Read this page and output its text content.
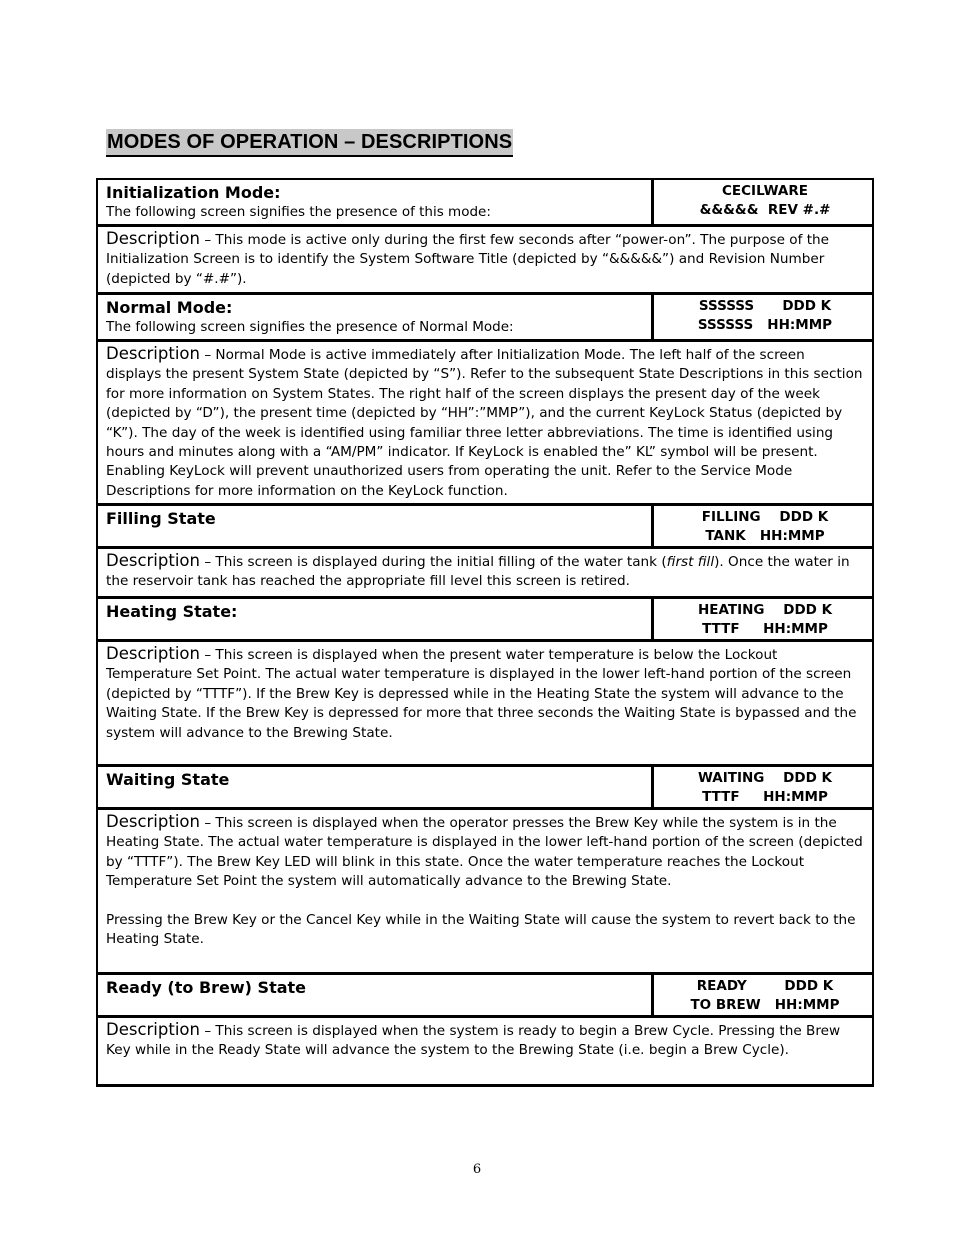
MODES OF OPERATION – DESCRIPTIONS
Initialization Mode:
The following screen signifies the presence of this mode:
CECILWARE
&&&&&  REV #.#

Description – This mode is active only during the first few seconds after “power-on”. The purpose of the Initialization Screen is to identify the System Software Title (depicted by “&&&&&”) and Revision Number (depicted by “#.#”).

Normal Mode:
The following screen signifies the presence of Normal Mode:
SSSSSS      DDD K
SSSSSS   HH:MMP

Description – Normal Mode is active immediately after Initialization Mode. The left half of the screen displays the present System State (depicted by “S”). Refer to the subsequent State Descriptions in this section for more information on System States. The right half of the screen displays the present day of the week (depicted by “D”), the present time (depicted by “HH”:”MMP”), and the current KeyLock Status (depicted by “K”). The day of the week is identified using familiar three letter abbreviations. The time is identified using hours and minutes along with a “AM/PM” indicator. If KeyLock is enabled the” KL” symbol will be present. Enabling KeyLock will prevent unauthorized users from operating the unit. Refer to the Service Mode Descriptions for more information on the KeyLock function.

Filling State	FILLING    DDD K
TANK   HH:MMP

Description – This screen is displayed during the initial filling of the water tank (first fill). Once the water in the reservoir tank has reached the appropriate fill level this screen is retired.

Heating State:	HEATING    DDD K
TTTF     HH:MMP

Description – This screen is displayed when the present water temperature is below the Lockout Temperature Set Point. The actual water temperature is displayed in the lower left-hand portion of the screen (depicted by “TTTF”). If the Brew Key is depressed while in the Heating State the system will advance to the Waiting State. If the Brew Key is depressed for more that three seconds the Waiting State is bypassed and the system will advance to the Brewing State.

Waiting State	WAITING    DDD K
TTTF     HH:MMP

Description – This screen is displayed when the operator presses the Brew Key while the system is in the Heating State. The actual water temperature is displayed in the lower left-hand portion of the screen (depicted by “TTTF”). The Brew Key LED will blink in this state. Once the water temperature reaches the Lockout Temperature Set Point the system will automatically advance to the Brewing State.

Pressing the Brew Key or the Cancel Key while in the Waiting State will cause the system to revert back to the Heating State.

Ready (to Brew) State	READY        DDD K
TO BREW   HH:MMP

Description – This screen is displayed when the system is ready to begin a Brew Cycle. Pressing the Brew Key while in the Ready State will advance the system to the Brewing State (i.e. begin a Brew Cycle).

6
